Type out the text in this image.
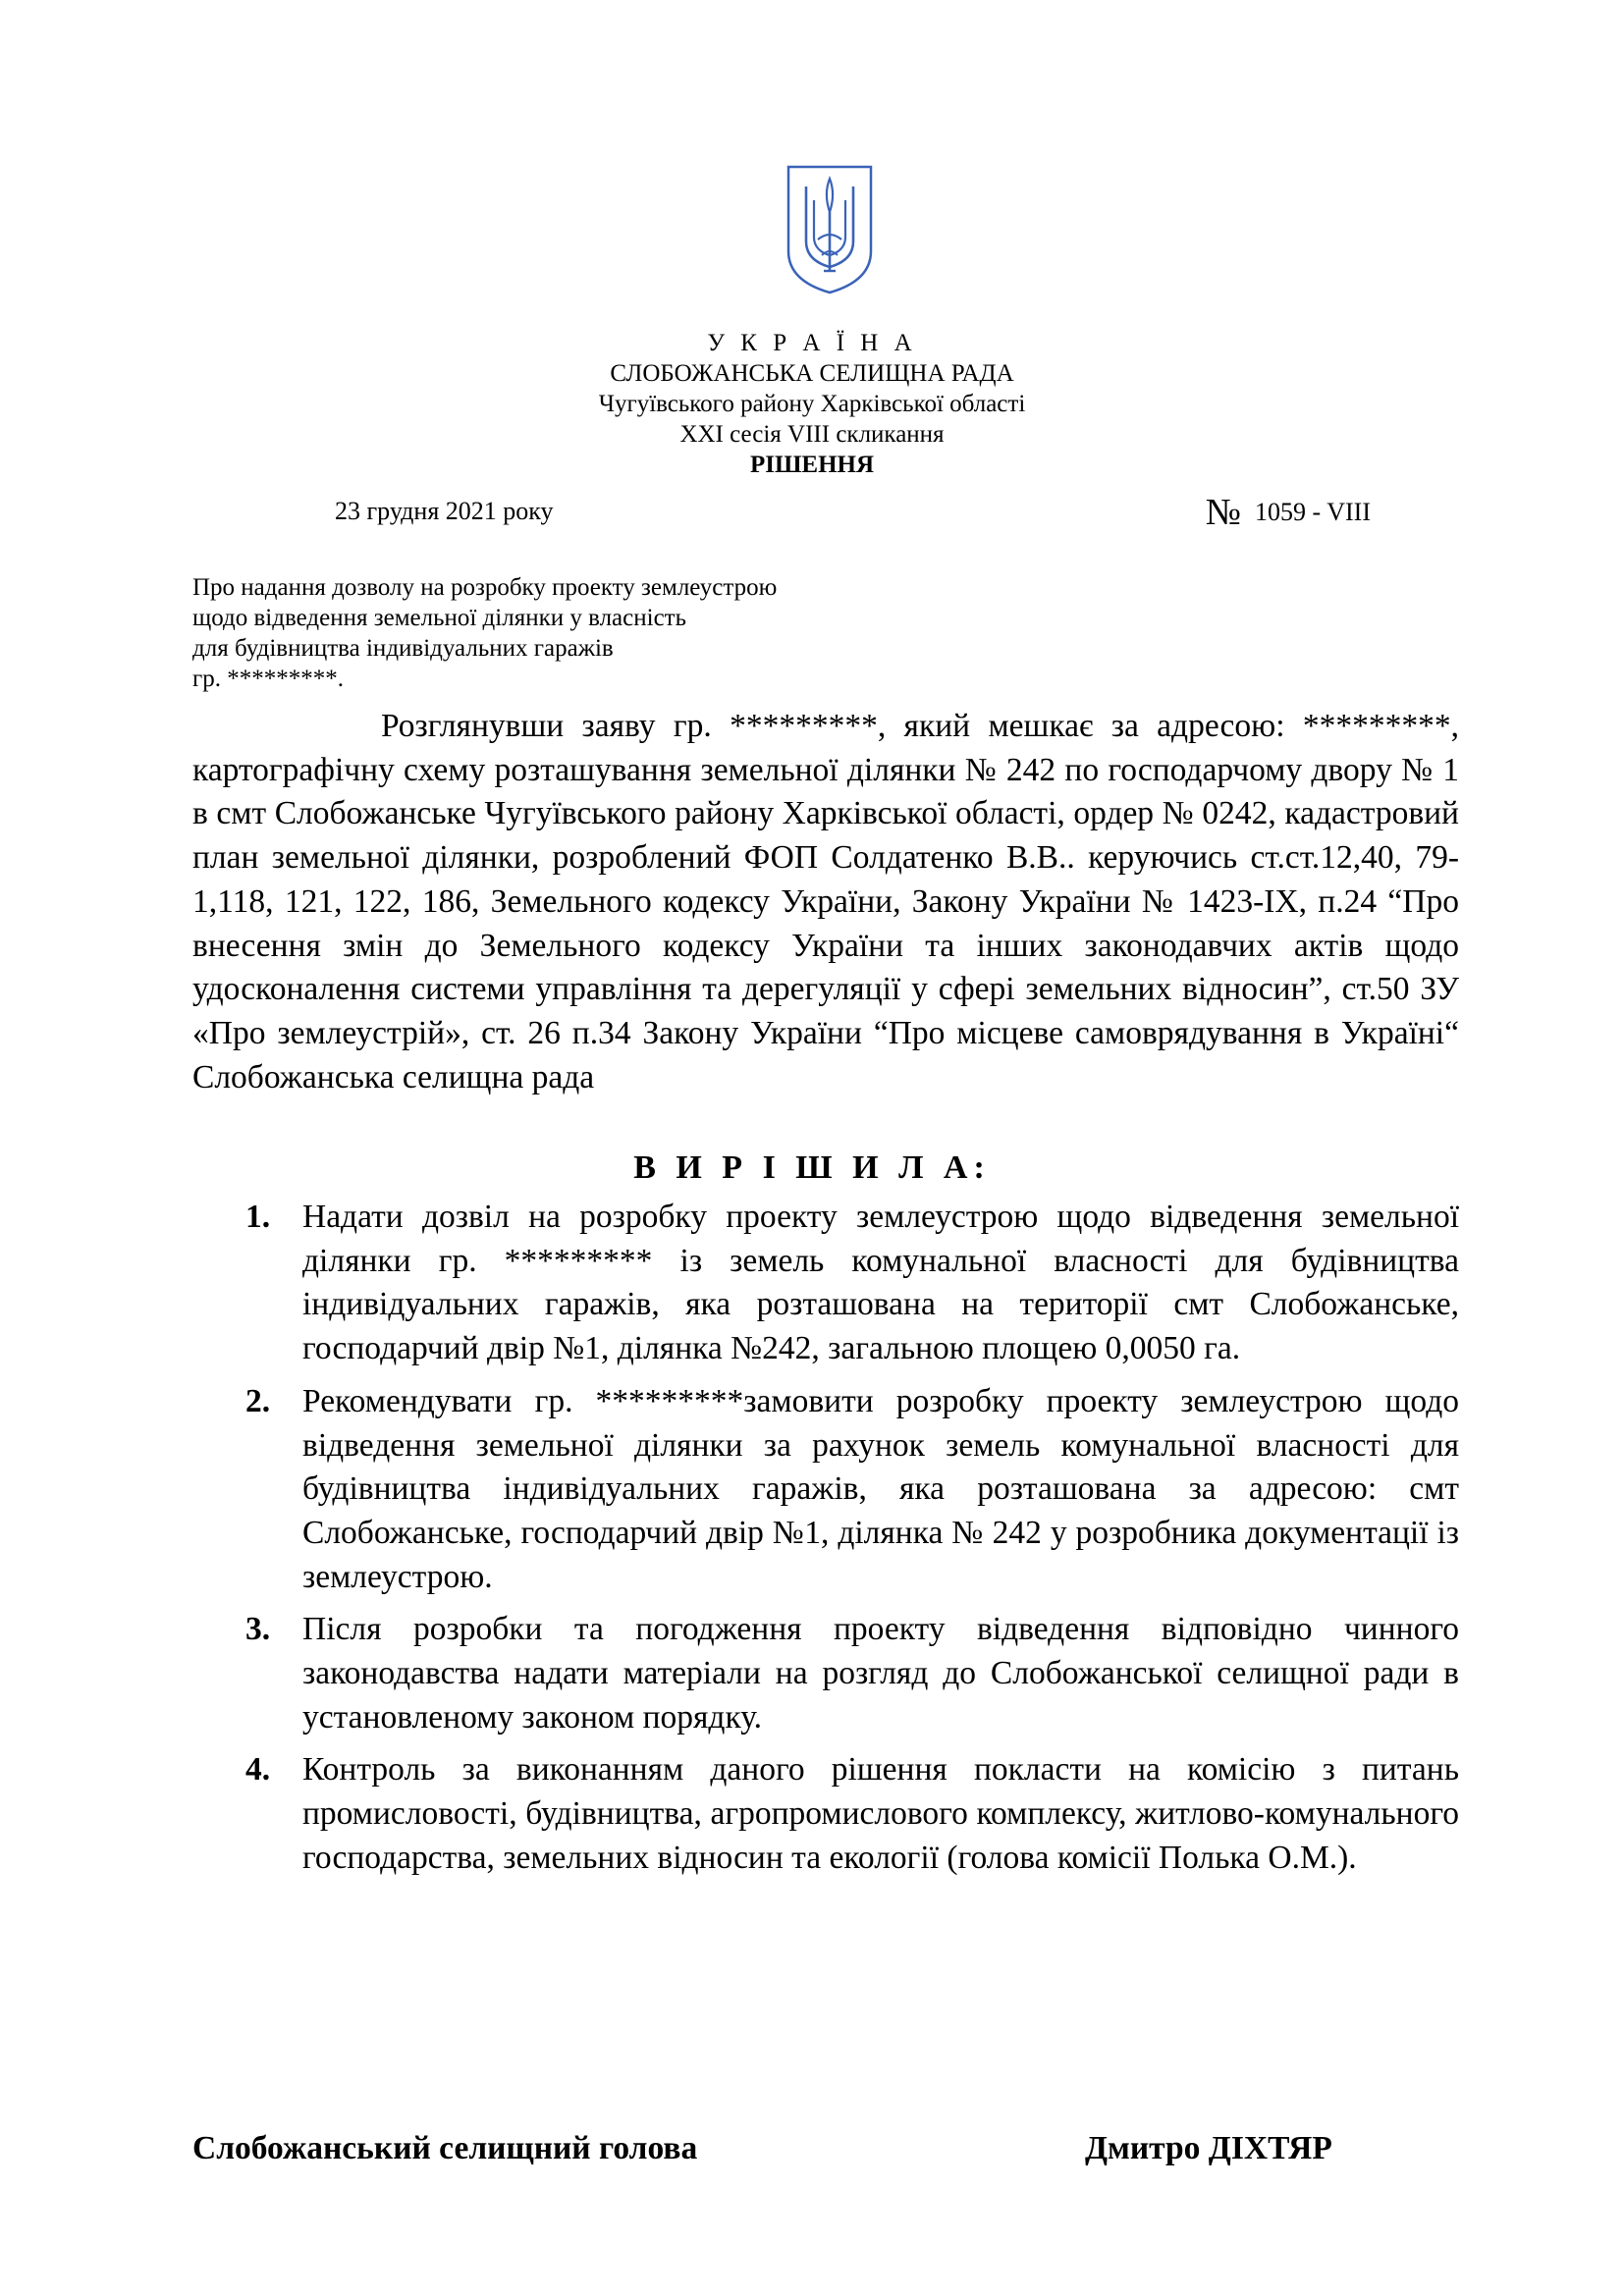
У К Р А Ї Н А
СЛОБОЖАНСЬКА СЕЛИЩНА РАДА
Чугуївського району Харківської області
XXI сесія VIII скликання
РІШЕННЯ
23 грудня 2021 року	№ 1059 - VIII
Про надання дозволу на розробку проекту землеустрою
щодо відведення земельної ділянки у власність
для будівництва індивідуальних гаражів
гр. *********.
Розглянувши заяву гр. *********, який мешкає за адресою: *********, картографічну схему розташування земельної ділянки № 242 по господарчому двору № 1 в смт Слобожанське Чугуївського району Харківської області, ордер № 0242, кадастровий план земельної ділянки, розроблений ФОП Солдатенко В.В.. керуючись ст.ст.12,40, 79-1,118, 121, 122, 186, Земельного кодексу України, Закону України № 1423-IX, п.24 “Про внесення змін до Земельного кодексу України та інших законодавчих актів щодо удосконалення системи управління та дерегуляції у сфері земельних відносин”, ст.50 ЗУ «Про землеустрій», ст. 26 п.34 Закону України “Про місцеве самоврядування в Україні“ Слобожанська селищна рада
В И Р І Ш И Л А:
1. Надати дозвіл на розробку проекту землеустрою щодо відведення земельної ділянки гр. ********* із земель комунальної власності для будівництва індивідуальних гаражів, яка розташована на території смт Слобожанське, господарчий двір №1, ділянка №242, загальною площею 0,0050 га.
2. Рекомендувати гр. *********замовити розробку проекту землеустрою щодо відведення земельної ділянки за рахунок земель комунальної власності для будівництва індивідуальних гаражів, яка розташована за адресою: смт Слобожанське, господарчий двір №1, ділянка № 242 у розробника документації із землеустрою.
3. Після розробки та погодження проекту відведення відповідно чинного законодавства надати матеріали на розгляд до Слобожанської селищної ради в установленому законом порядку.
4. Контроль за виконанням даного рішення покласти на комісію з питань промисловості, будівництва, агропромислового комплексу, житлово-комунального господарства, земельних відносин та екології (голова комісії Полька О.М.).
Слобожанський селищний голова	Дмитро ДІХТЯР
